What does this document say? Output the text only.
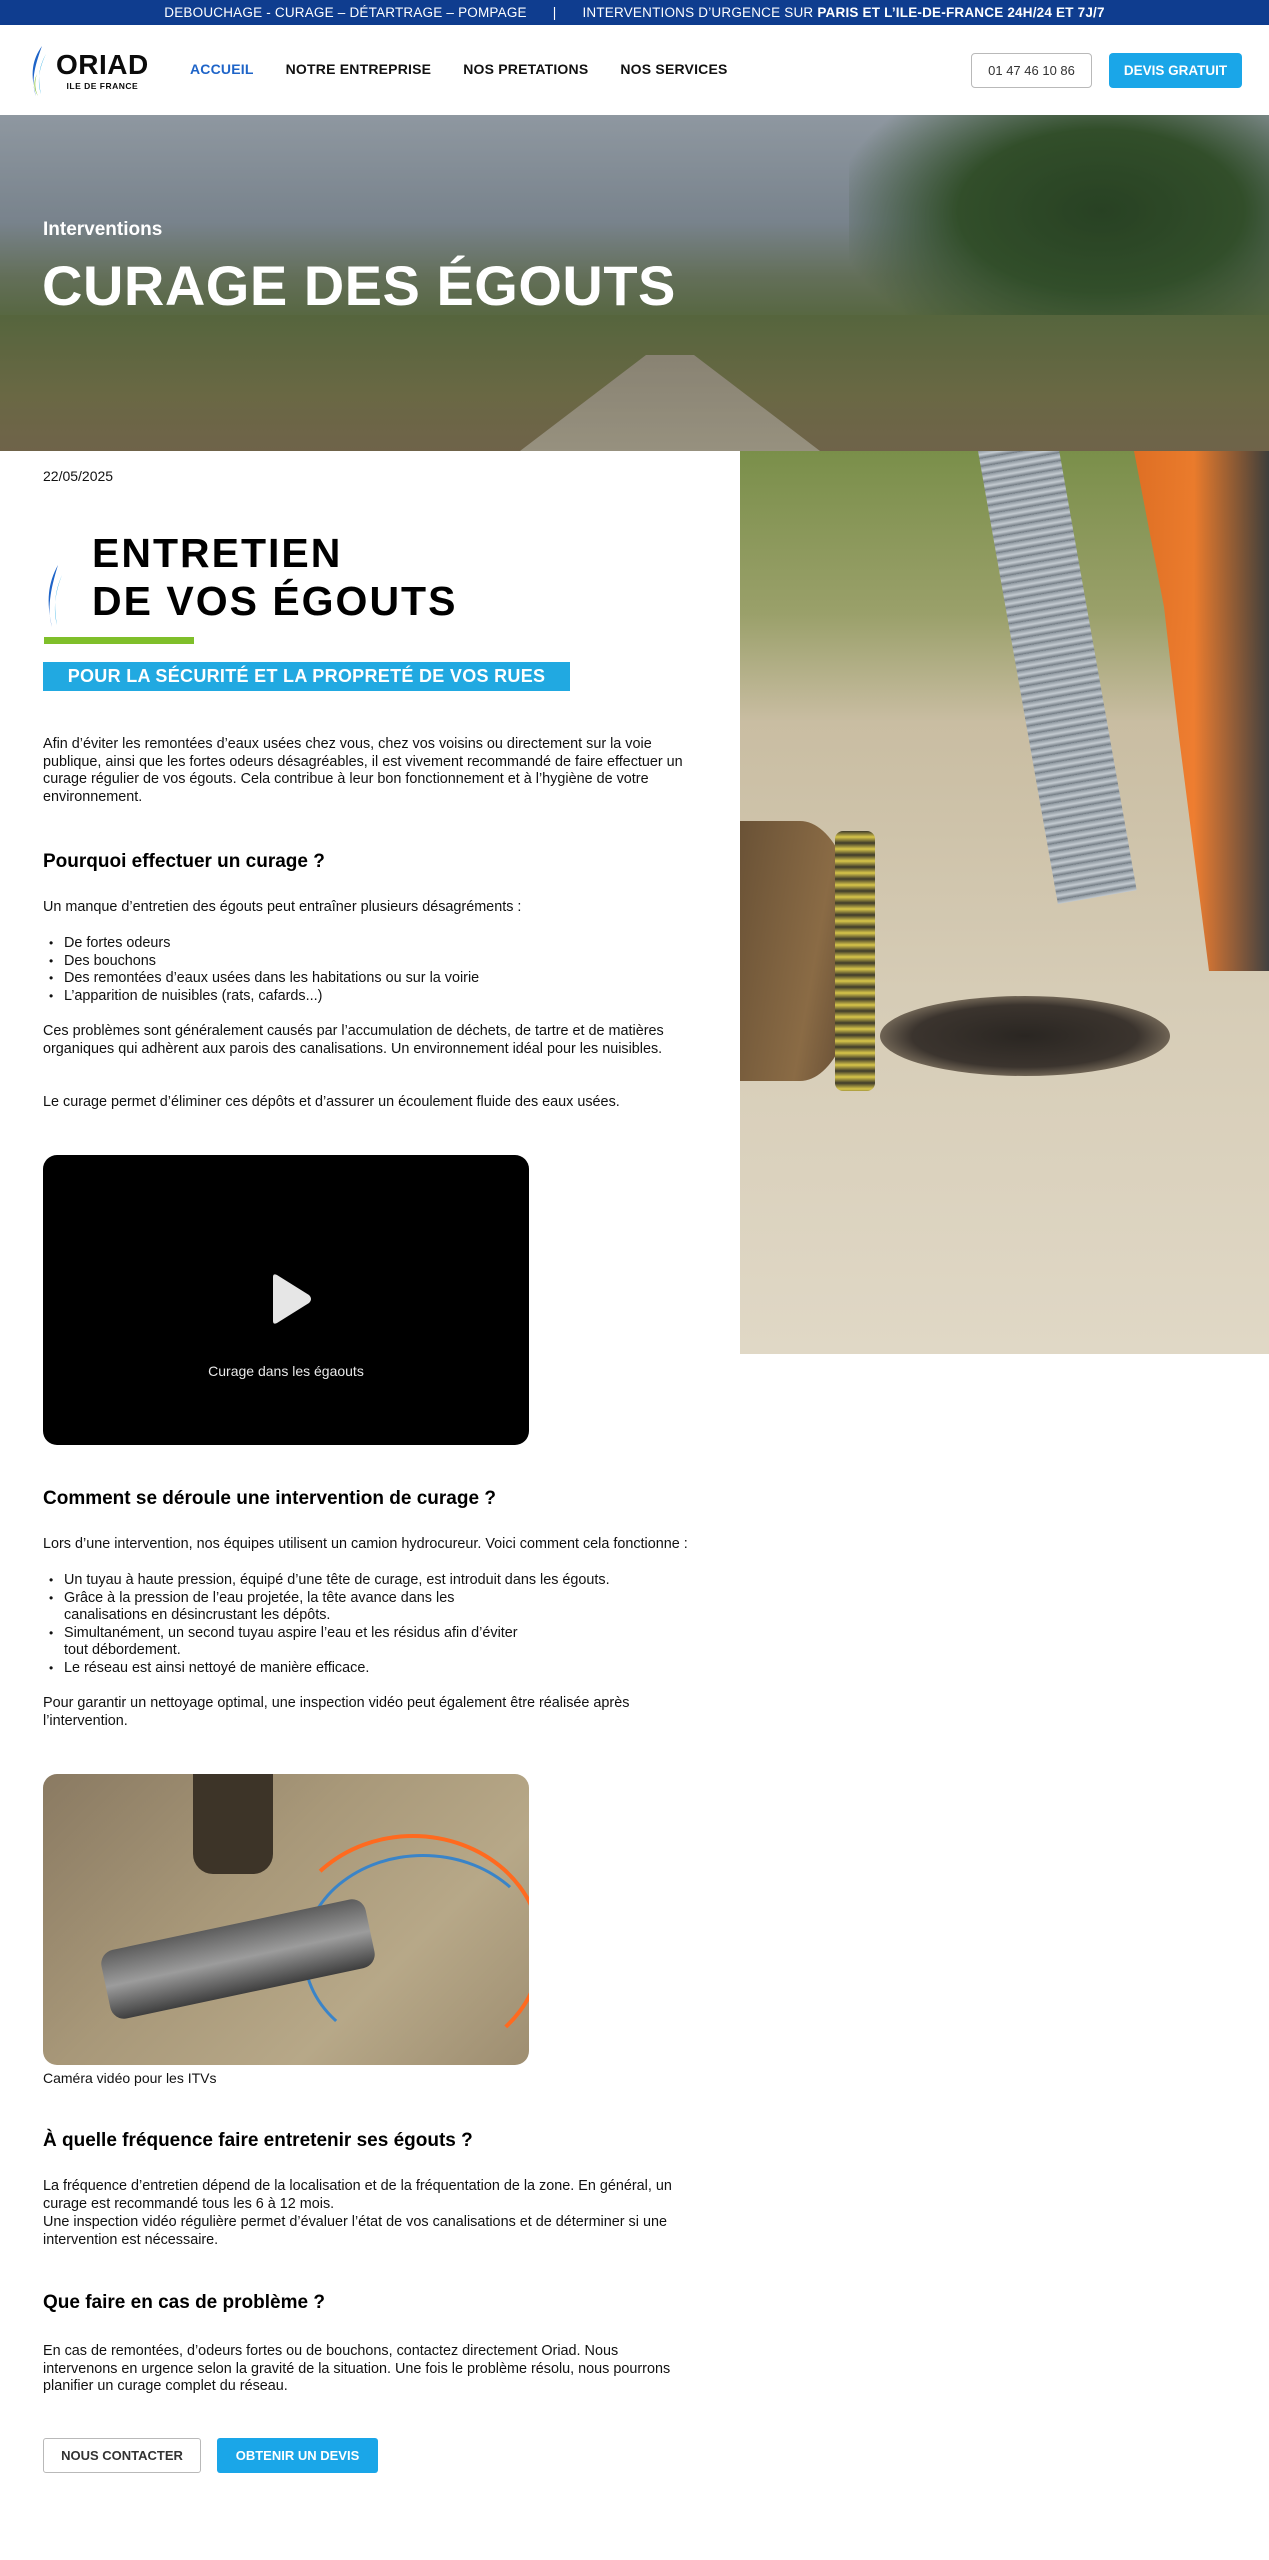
DEBOUCHAGE - CURAGE – DÉTARTRAGE – POMPAGE | INTERVENTIONS D’URGENCE SUR PARIS ET L’ILE-DE-FRANCE 24H/24 ET 7J/7
ORIAD
ILE DE FRANCE
ACCUEIL NOTRE ENTREPRISE NOS PRETATIONS NOS SERVICES	01 47 46 10 86	DEVIS GRATUIT
Interventions
CURAGE DES ÉGOUTS
22/05/2025
ENTRETIEN
DE VOS ÉGOUTS
POUR LA SÉCURITÉ ET LA PROPRETÉ DE VOS RUES

Afin d’éviter les remontées d’eaux usées chez vous, chez vos voisins ou directement sur la voie publique, ainsi que les fortes odeurs désagréables, il est vivement recommandé de faire effectuer un curage régulier de vos égouts. Cela contribue à leur bon fonctionnement et à l’hygiène de votre environnement.

Pourquoi effectuer un curage ?

Un manque d’entretien des égouts peut entraîner plusieurs désagréments :

• De fortes odeurs
• Des bouchons
• Des remontées d’eaux usées dans les habitations ou sur la voirie
• L’apparition de nuisibles (rats, cafards...)

Ces problèmes sont généralement causés par l’accumulation de déchets, de tartre et de matières organiques qui adhèrent aux parois des canalisations. Un environnement idéal pour les nuisibles.

Le curage permet d’éliminer ces dépôts et d’assurer un écoulement fluide des eaux usées.

Curage dans les égaouts
Comment se déroule une intervention de curage ?

Lors d’une intervention, nos équipes utilisent un camion hydrocureur. Voici comment cela fonctionne :

• Un tuyau à haute pression, équipé d’une tête de curage, est introduit dans les égouts.
• Grâce à la pression de l’eau projetée, la tête avance dans les canalisations en désincrustant les dépôts.
• Simultanément, un second tuyau aspire l’eau et les résidus afin d’éviter tout débordement.
• Le réseau est ainsi nettoyé de manière efficace.

Pour garantir un nettoyage optimal, une inspection vidéo peut également être réalisée après l’intervention.

Caméra vidéo pour les ITVs
À quelle fréquence faire entretenir ses égouts ?

La fréquence d’entretien dépend de la localisation et de la fréquentation de la zone. En général, un curage est recommandé tous les 6 à 12 mois.

Une inspection vidéo régulière permet d’évaluer l’état de vos canalisations et de déterminer si une intervention est nécessaire.

Que faire en cas de problème ?

En cas de remontées, d’odeurs fortes ou de bouchons, contactez directement Oriad. Nous intervenons en urgence selon la gravité de la situation. Une fois le problème résolu, nous pourrons planifier un curage complet du réseau.

NOUS CONTACTER	OBTENIR UN DEVIS
